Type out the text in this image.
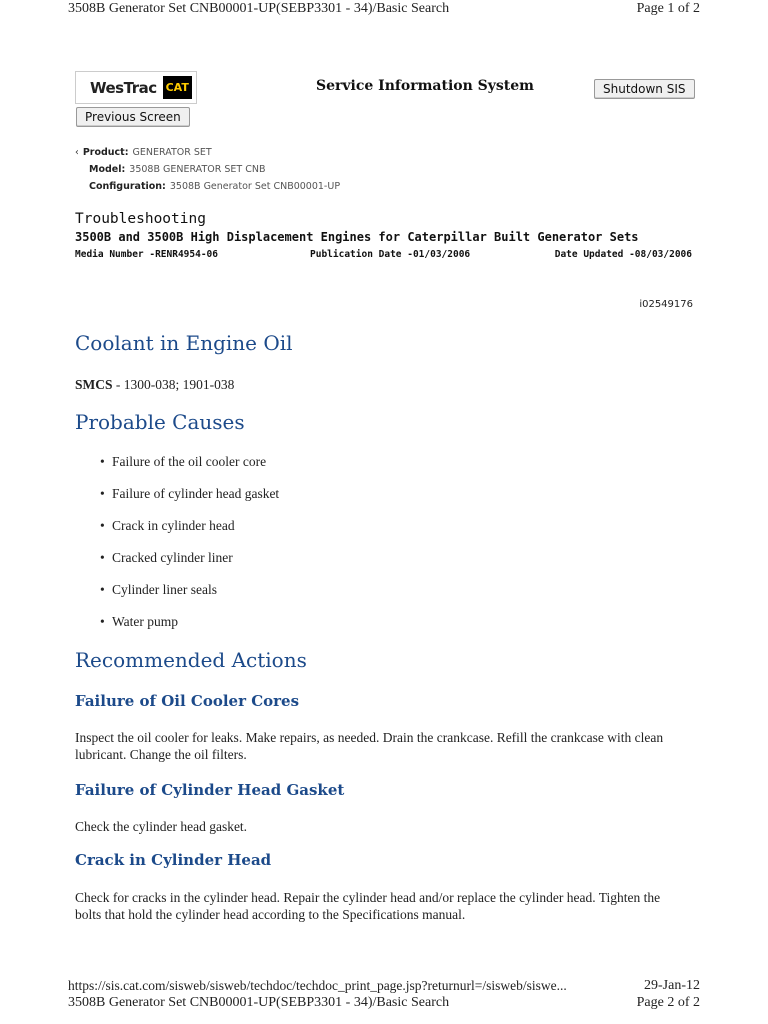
3508B Generator Set CNB00001-UP(SEBP3301 - 34)/Basic Search	Page 1 of 2
WesTrac CAT	Service Information System	Shutdown SIS
Previous Screen
‹ Product: GENERATOR SET
Model: 3508B GENERATOR SET CNB
Configuration: 3508B Generator Set CNB00001-UP
Troubleshooting
3500B and 3500B High Displacement Engines for Caterpillar Built Generator Sets
Media Number -RENR4954-06	Publication Date -01/03/2006	Date Updated -08/03/2006
i02549176
Coolant in Engine Oil
SMCS - 1300-038; 1901-038
Probable Causes
• Failure of the oil cooler core
• Failure of cylinder head gasket
• Crack in cylinder head
• Cracked cylinder liner
• Cylinder liner seals
• Water pump
Recommended Actions
Failure of Oil Cooler Cores
Inspect the oil cooler for leaks. Make repairs, as needed. Drain the crankcase. Refill the crankcase with clean lubricant. Change the oil filters.
Failure of Cylinder Head Gasket
Check the cylinder head gasket.
Crack in Cylinder Head
Check for cracks in the cylinder head. Repair the cylinder head and/or replace the cylinder head. Tighten the bolts that hold the cylinder head according to the Specifications manual.
https://sis.cat.com/sisweb/sisweb/techdoc/techdoc_print_page.jsp?returnurl=/sisweb/siswe...	29-Jan-12
3508B Generator Set CNB00001-UP(SEBP3301 - 34)/Basic Search	Page 2 of 2
